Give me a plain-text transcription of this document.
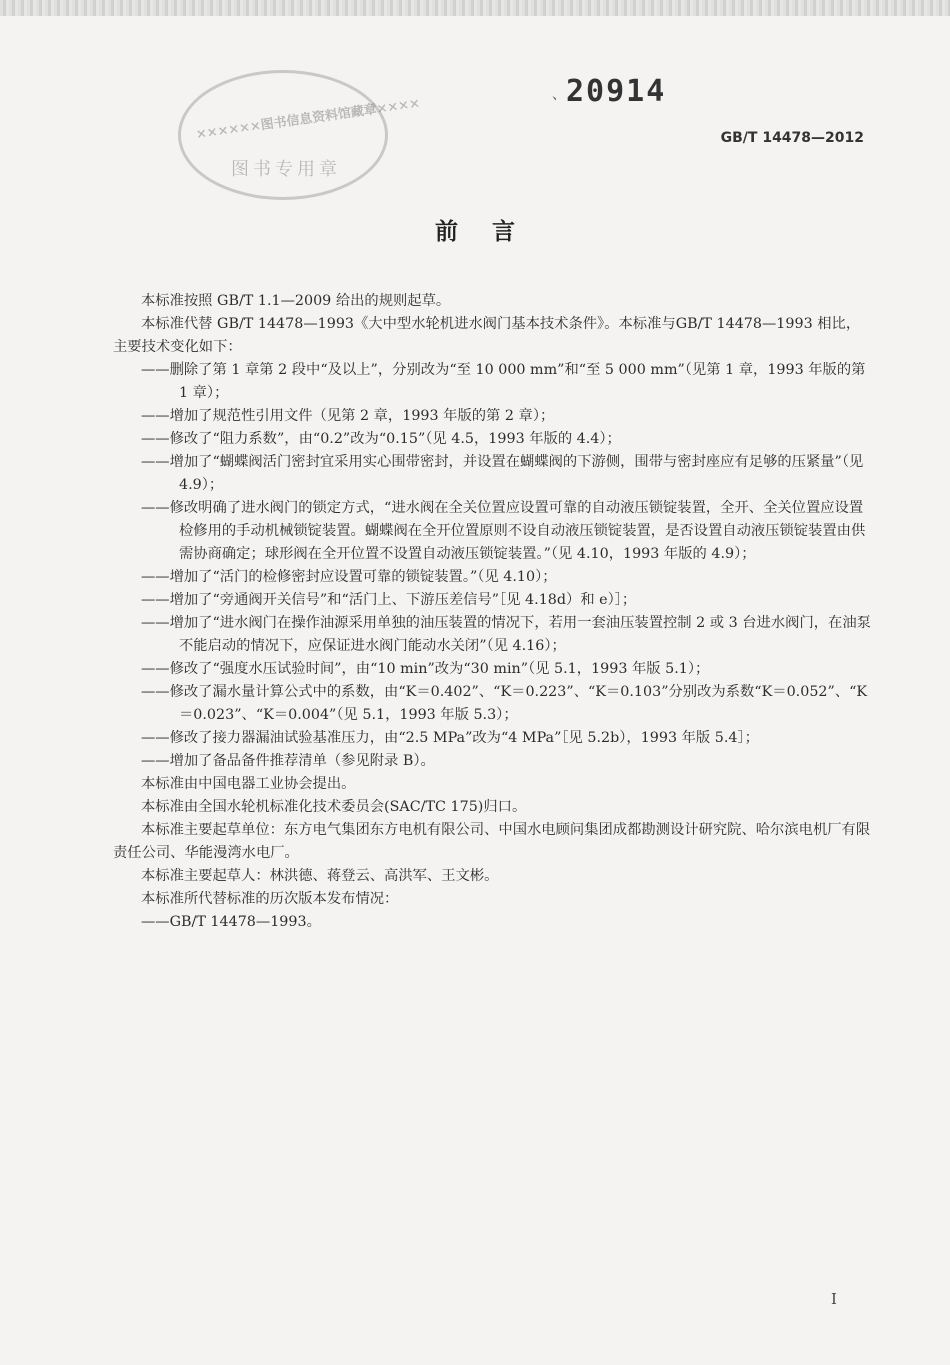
××××××图书信息资料馆藏章××××
图书专用章
、 20914
GB/T 14478—2012
前言

本标准按照 GB/T 1.1—2009 给出的规则起草。

本标准代替 GB/T 14478—1993《大中型水轮机进水阀门基本技术条件》。本标准与GB/T 14478—1993 相比，主要技术变化如下：

——删除了第 1 章第 2 段中“及以上”，分别改为“至 10 000 mm”和“至 5 000 mm”（见第 1 章，1993 年版的第 1 章）；

——增加了规范性引用文件（见第 2 章，1993 年版的第 2 章）；

——修改了“阻力系数”，由“0.2”改为“0.15”（见 4.5，1993 年版的 4.4）；

——增加了“蝴蝶阀活门密封宜采用实心围带密封，并设置在蝴蝶阀的下游侧，围带与密封座应有足够的压紧量”（见 4.9）；

——修改明确了进水阀门的锁定方式，“进水阀在全关位置应设置可靠的自动液压锁锭装置，全开、全关位置应设置检修用的手动机械锁锭装置。蝴蝶阀在全开位置原则不设自动液压锁锭装置，是否设置自动液压锁锭装置由供需协商确定；球形阀在全开位置不设置自动液压锁锭装置。”（见 4.10，1993 年版的 4.9）；

——增加了“活门的检修密封应设置可靠的锁锭装置。”（见 4.10）；

——增加了“旁通阀开关信号”和“活门上、下游压差信号”［见 4.18d）和 e）］；

——增加了“进水阀门在操作油源采用单独的油压装置的情况下，若用一套油压装置控制 2 或 3 台进水阀门，在油泵不能启动的情况下，应保证进水阀门能动水关闭”（见 4.16）；

——修改了“强度水压试验时间”，由“10 min”改为“30 min”（见 5.1，1993 年版 5.1）；

——修改了漏水量计算公式中的系数，由“K＝0.402”、“K＝0.223”、“K＝0.103”分别改为系数“K＝0.052”、“K＝0.023”、“K＝0.004”（见 5.1，1993 年版 5.3）；

——修改了接力器漏油试验基准压力，由“2.5 MPa”改为“4 MPa”［见 5.2b），1993 年版 5.4］；

——增加了备品备件推荐清单（参见附录 B）。

本标准由中国电器工业协会提出。

本标准由全国水轮机标准化技术委员会(SAC/TC 175)归口。

本标准主要起草单位：东方电气集团东方电机有限公司、中国水电顾问集团成都勘测设计研究院、哈尔滨电机厂有限责任公司、华能漫湾水电厂。

本标准主要起草人：林洪德、蒋登云、高洪军、王文彬。

本标准所代替标准的历次版本发布情况：

——GB/T 14478—1993。

I
